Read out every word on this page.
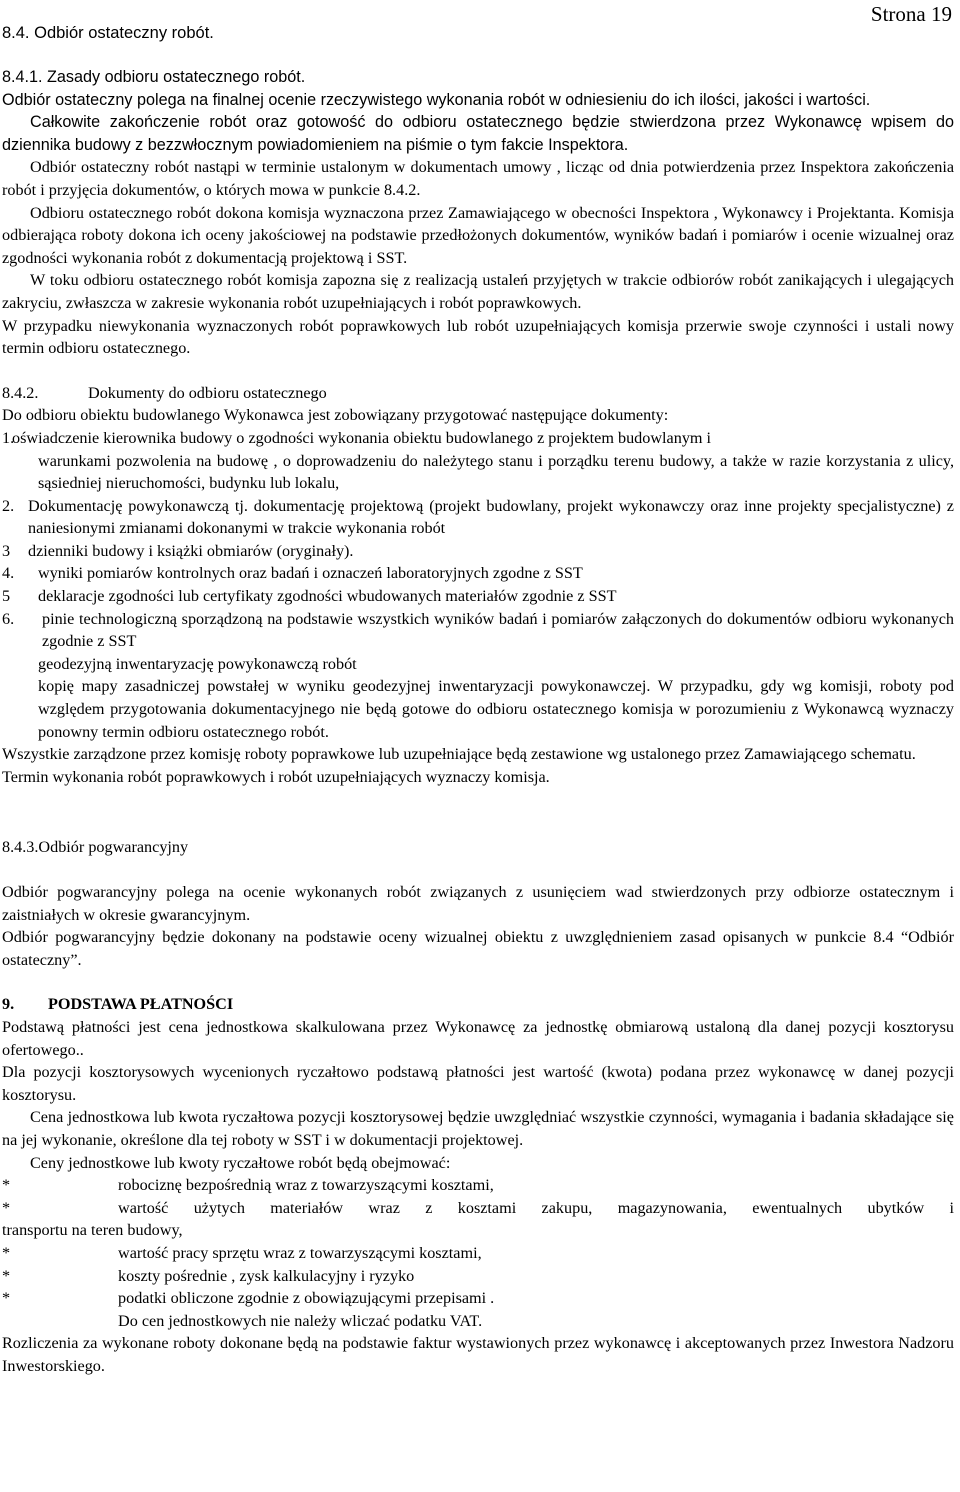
Strona 19
8.4. Odbiór ostateczny robót.

8.4.1. Zasady odbioru ostatecznego robót.

Odbiór ostateczny polega na finalnej ocenie rzeczywistego wykonania robót w odniesieniu do ich ilości, jakości i wartości.

Całkowite zakończenie robót oraz gotowość do odbioru ostatecznego będzie stwierdzona przez Wykonawcę wpisem do dziennika budowy z bezzwłocznym powiadomieniem na piśmie o tym fakcie Inspektora.

Odbiór ostateczny robót nastąpi w terminie ustalonym w dokumentach umowy , licząc od dnia potwierdzenia przez Inspektora zakończenia robót i przyjęcia dokumentów, o których mowa w punkcie 8.4.2.

Odbioru ostatecznego robót dokona komisja wyznaczona przez Zamawiającego w obecności Inspektora , Wykonawcy i Projektanta. Komisja odbierająca roboty dokona ich oceny jakościowej na podstawie przedłożonych dokumentów, wyników badań i pomiarów i ocenie wizualnej oraz zgodności wykonania robót z dokumentacją projektową i SST.

W toku odbioru ostatecznego robót komisja zapozna się z realizacją ustaleń przyjętych w trakcie odbiorów robót zanikających i ulegających zakryciu, zwłaszcza w zakresie wykonania robót uzupełniających i robót poprawkowych.

W przypadku niewykonania wyznaczonych robót poprawkowych lub robót uzupełniających komisja przerwie swoje czynności i ustali nowy termin odbioru ostatecznego.

8.4.2.	Dokumenty do odbioru ostatecznego

Do odbioru obiektu budowlanego Wykonawca jest zobowiązany przygotować następujące dokumenty:

1.
oświadczenie kierownika budowy o zgodności wykonania obiektu budowlanego z projektem budowlanym i

warunkami pozwolenia na budowę , o doprowadzeniu do należytego stanu i porządku terenu budowy, a także w razie korzystania z ulicy, sąsiedniej nieruchomości, budynku lub lokalu,

2. Dokumentację powykonawczą tj. dokumentację projektową (projekt budowlany, projekt wykonawczy oraz inne projekty specjalistyczne) z naniesionymi zmianami dokonanymi w trakcie wykonania robót
3	dzienniki budowy i książki obmiarów (oryginały).
4.	wyniki pomiarów kontrolnych oraz badań i oznaczeń laboratoryjnych zgodne z SST
5	deklaracje zgodności lub certyfikaty zgodności wbudowanych materiałów zgodnie z SST
6.	pinie technologiczną sporządzoną na podstawie wszystkich wyników badań i pomiarów załączonych do dokumentów odbioru wykonanych zgodnie z SST

geodezyjną inwentaryzację powykonawczą robót

kopię mapy zasadniczej powstałej w wyniku geodezyjnej inwentaryzacji powykonawczej. W przypadku, gdy wg komisji, roboty pod względem przygotowania dokumentacyjnego nie będą gotowe do odbioru ostatecznego komisja w porozumieniu z Wykonawcą wyznaczy ponowny termin odbioru ostatecznego robót.

Wszystkie zarządzone przez komisję roboty poprawkowe lub uzupełniające będą zestawione wg ustalonego przez Zamawiającego schematu.

Termin wykonania robót poprawkowych i robót uzupełniających wyznaczy komisja.

8.4.3.Odbiór pogwarancyjny

Odbiór pogwarancyjny polega na ocenie wykonanych robót związanych z usunięciem wad stwierdzonych przy odbiorze ostatecznym i zaistniałych w okresie gwarancyjnym.

Odbiór pogwarancyjny będzie dokonany na podstawie oceny wizualnej obiektu z uwzględnieniem zasad opisanych w punkcie 8.4 “Odbiór ostateczny”.

9.	PODSTAWA PŁATNOŚCI

Podstawą płatności jest cena jednostkowa skalkulowana przez Wykonawcę za jednostkę obmiarową ustaloną dla danej pozycji kosztorysu ofertowego..

Dla pozycji kosztorysowych wycenionych ryczałtowo podstawą płatności jest wartość (kwota) podana przez wykonawcę w danej pozycji kosztorysu.

Cena jednostkowa lub kwota ryczałtowa pozycji kosztorysowej będzie uwzględniać wszystkie czynności, wymagania i badania składające się na jej wykonanie, określone dla tej roboty w SST i w dokumentacji projektowej.

Ceny jednostkowe lub kwoty ryczałtowe robót będą obejmować:

*	robociznę bezpośrednią wraz z towarzyszącymi kosztami,
*	wartość użytych materiałów wraz z kosztami zakupu, magazynowania, ewentualnych ubytków i

transportu na teren budowy,

*	wartość pracy sprzętu wraz z towarzyszącymi kosztami,
*	koszty pośrednie , zysk kalkulacyjny i ryzyko
*	podatki obliczone zgodnie z obowiązującymi przepisami .

Do cen jednostkowych nie należy wliczać podatku VAT.

Rozliczenia za wykonane roboty dokonane będą na podstawie faktur wystawionych przez wykonawcę i akceptowanych przez Inwestora Nadzoru Inwestorskiego.
